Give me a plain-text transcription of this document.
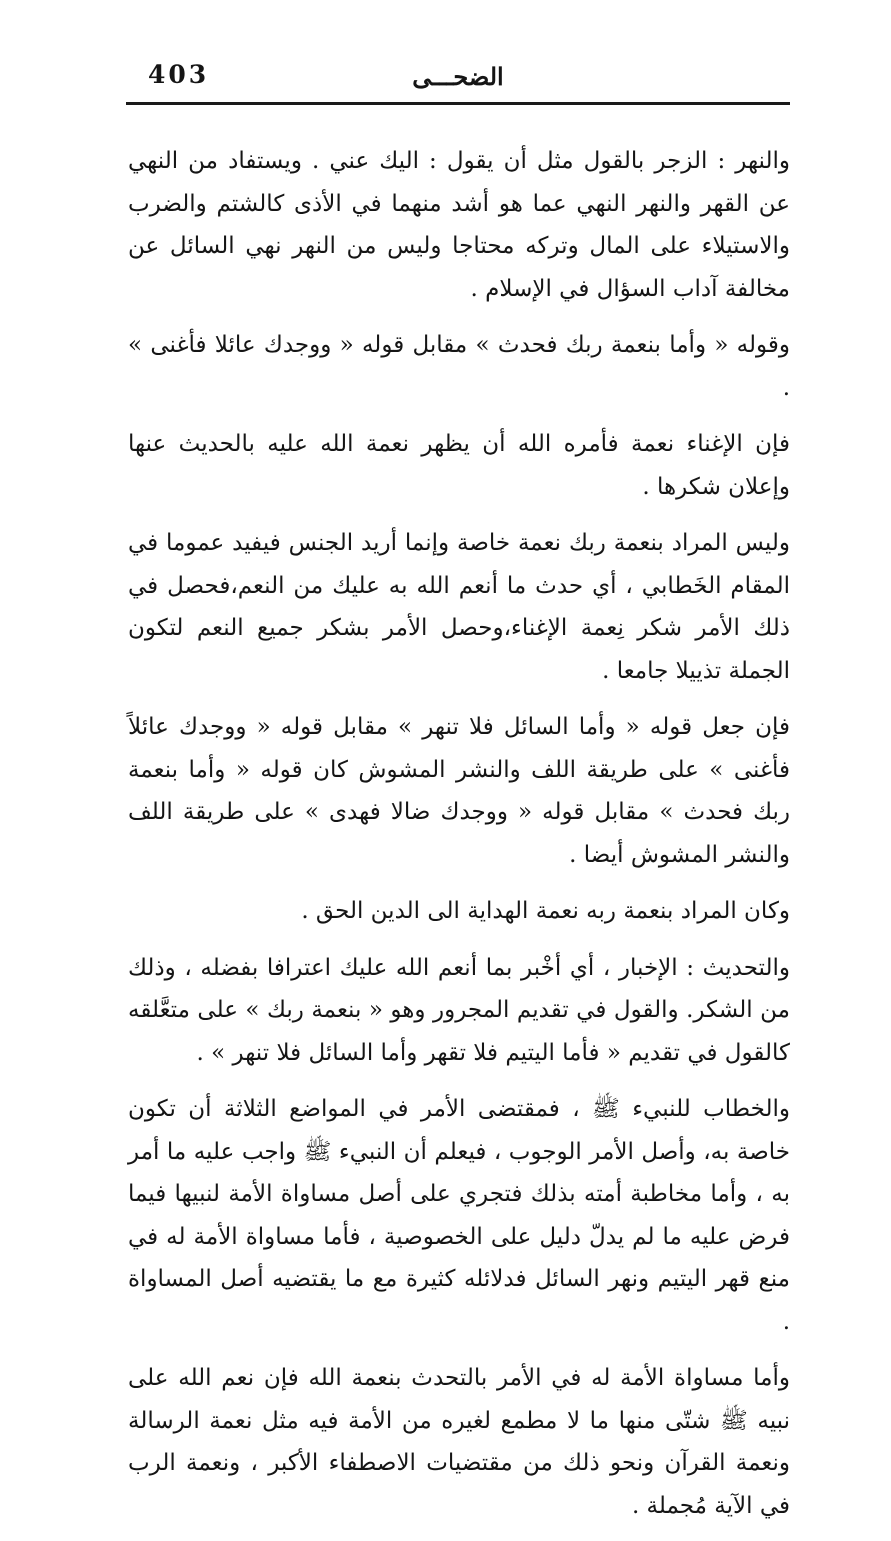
403	الضحـــى

والنهر : الزجر بالقول مثل أن يقول : اليك عني . ويستفاد من النهي عن القهر والنهر النهي عما هو أشد منهما في الأذى كالشتم والضرب والاستيلاء على المال وتركه محتاجا وليس من النهر نهي السائل عن مخالفة آداب السؤال في الإسلام .

وقوله « وأما بنعمة ربك فحدث » مقابل قوله « ووجدك عائلا فأغنى » .

فإن الإغناء نعمة فأمره الله أن يظهر نعمة الله عليه بالحديث عنها وإعلان شكرها .

وليس المراد بنعمة ربك نعمة خاصة وإنما أريد الجنس فيفيد عموما في المقام الخَطابي ، أي حدث ما أنعم الله به عليك من النعم،فحصل في ذلك الأمر شكر نِعمة الإغناء،وحصل الأمر بشكر جميع النعم لتكون الجملة تذييلا جامعا .

فإن جعل قوله « وأما السائل فلا تنهر » مقابل قوله « ووجدك عائلاً فأغنى » على طريقة اللف والنشر المشوش كان قوله « وأما بنعمة ربك فحدث » مقابل قوله « ووجدك ضالا فهدى » على طريقة اللف والنشر المشوش أيضا .

وكان المراد بنعمة ربه نعمة الهداية الى الدين الحق .

والتحديث : الإخبار ، أي أخْبر بما أنعم الله عليك اعترافا بفضله ، وذلك من الشكر. والقول في تقديم المجرور وهو « بنعمة ربك » على متعَّلقه كالقول في تقديم « فأما اليتيم فلا تقهر وأما السائل فلا تنهر » .

والخطاب للنبيء ﷺ ، فمقتضى الأمر في المواضع الثلاثة أن تكون خاصة به، وأصل الأمر الوجوب ، فيعلم أن النبيء ﷺ واجب عليه ما أمر به ، وأما مخاطبة أمته بذلك فتجري على أصل مساواة الأمة لنبيها فيما فرض عليه ما لم يدلّ دليل على الخصوصية ، فأما مساواة الأمة له في منع قهر اليتيم ونهر السائل فدلائله كثيرة مع ما يقتضيه أصل المساواة .

وأما مساواة الأمة له في الأمر بالتحدث بنعمة الله فإن نعم الله على نبيه ﷺ شتّى منها ما لا مطمع لغيره من الأمة فيه مثل نعمة الرسالة ونعمة القرآن ونحو ذلك من مقتضيات الاصطفاء الأكبر ، ونعمة الرب في الآية مُجملة .
